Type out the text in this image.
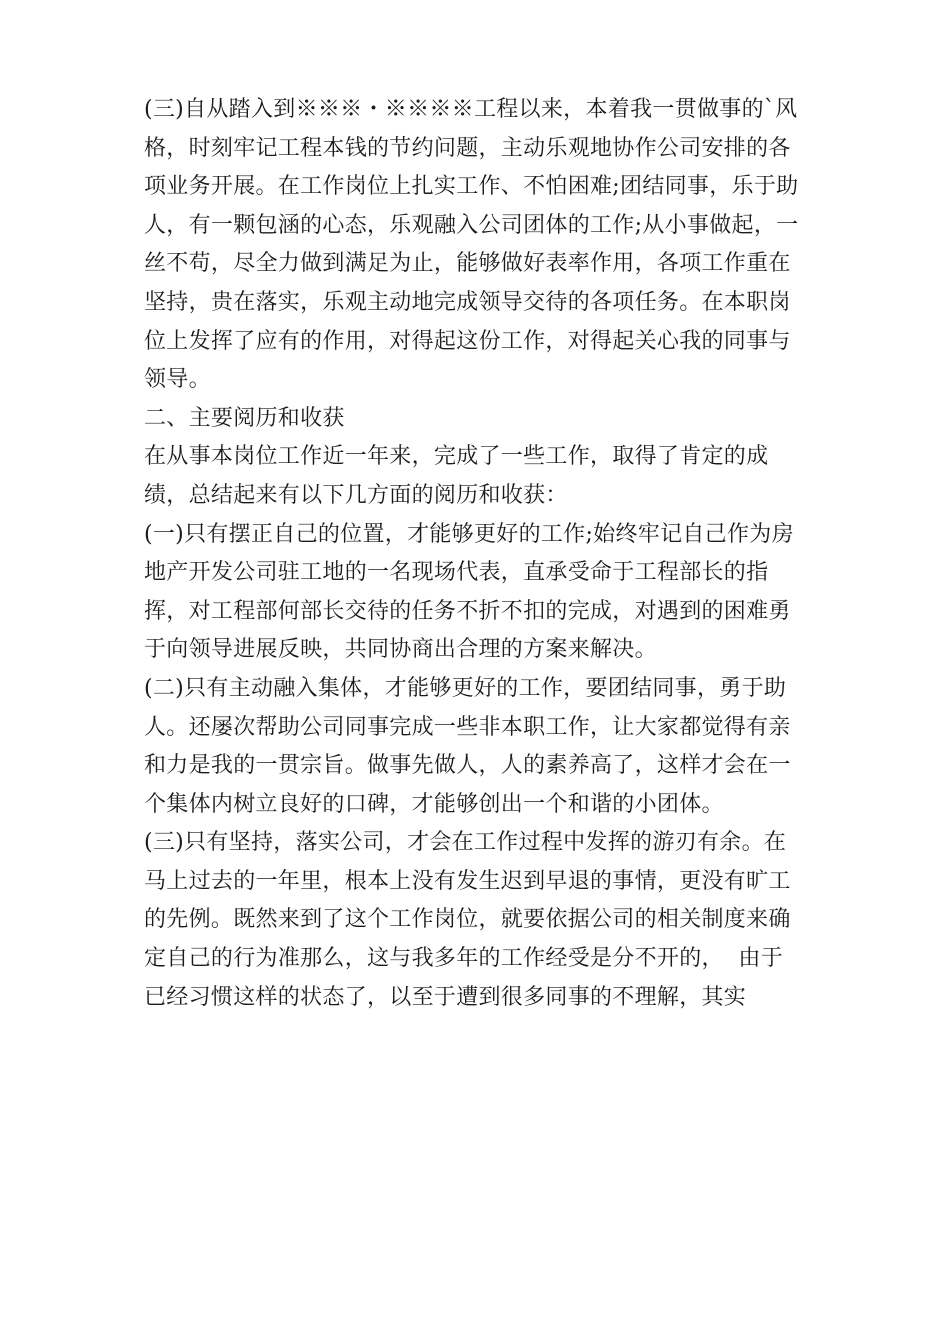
(三)自从踏入到※※※・※※※※工程以来，本着我一贯做事的`风
格，时刻牢记工程本钱的节约问题，主动乐观地协作公司安排的各
项业务开展。在工作岗位上扎实工作、不怕困难;团结同事，乐于助
人，有一颗包涵的心态，乐观融入公司团体的工作;从小事做起，一
丝不苟，尽全力做到满足为止，能够做好表率作用，各项工作重在
坚持，贵在落实，乐观主动地完成领导交待的各项任务。在本职岗
位上发挥了应有的作用，对得起这份工作，对得起关心我的同事与
领导。
二、主要阅历和收获
在从事本岗位工作近一年来，完成了一些工作，取得了肯定的成
绩，总结起来有以下几方面的阅历和收获：
(一)只有摆正自己的位置，才能够更好的工作;始终牢记自己作为房
地产开发公司驻工地的一名现场代表，直承受命于工程部长的指
挥，对工程部何部长交待的任务不折不扣的完成，对遇到的困难勇
于向领导进展反映，共同协商出合理的方案来解决。
(二)只有主动融入集体，才能够更好的工作，要团结同事，勇于助
人。还屡次帮助公司同事完成一些非本职工作，让大家都觉得有亲
和力是我的一贯宗旨。做事先做人，人的素养高了，这样才会在一
个集体内树立良好的口碑，才能够创出一个和谐的小团体。
(三)只有坚持，落实公司，才会在工作过程中发挥的游刃有余。在
马上过去的一年里，根本上没有发生迟到早退的事情，更没有旷工
的先例。既然来到了这个工作岗位，就要依据公司的相关制度来确
定自己的行为准那么，这与我多年的工作经受是分不开的，  由于
已经习惯这样的状态了，以至于遭到很多同事的不理解，其实
